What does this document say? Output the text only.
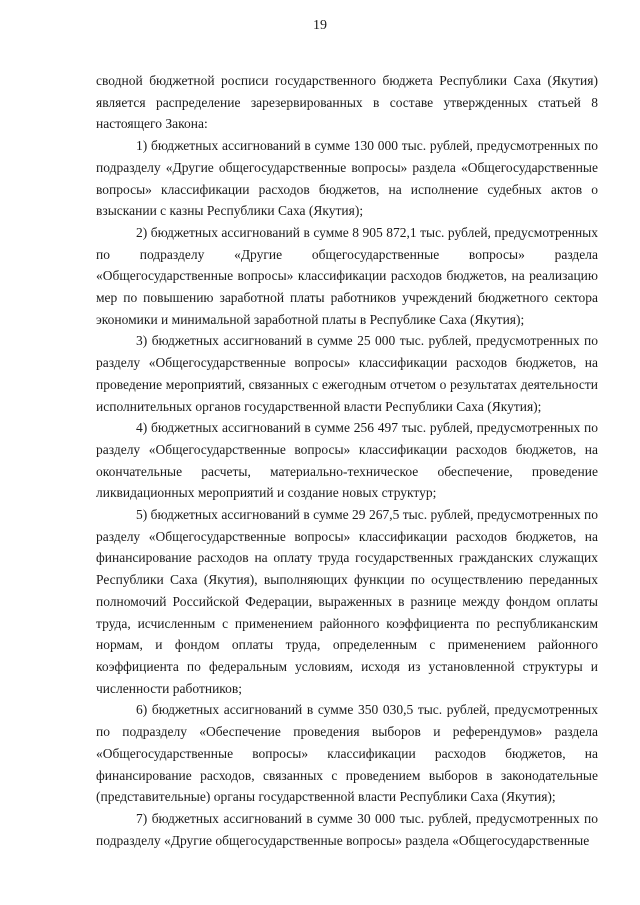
19

сводной бюджетной росписи государственного бюджета Республики Саха (Якутия) является распределение зарезервированных в составе утвержденных статьей 8 настоящего Закона:

1) бюджетных ассигнований в сумме 130 000 тыс. рублей, предусмотренных по подразделу «Другие общегосударственные вопросы» раздела «Общегосударственные вопросы» классификации расходов бюджетов, на исполнение судебных актов о взыскании с казны Республики Саха (Якутия);

2) бюджетных ассигнований в сумме 8 905 872,1 тыс. рублей, предусмотренных по подразделу «Другие общегосударственные вопросы» раздела «Общегосударственные вопросы» классификации расходов бюджетов, на реализацию мер по повышению заработной платы работников учреждений бюджетного сектора экономики и минимальной заработной платы в Республике Саха (Якутия);

3) бюджетных ассигнований в сумме 25 000 тыс. рублей, предусмотренных по разделу «Общегосударственные вопросы» классификации расходов бюджетов, на проведение мероприятий, связанных с ежегодным отчетом о результатах деятельности исполнительных органов государственной власти Республики Саха (Якутия);

4) бюджетных ассигнований в сумме 256 497 тыс. рублей, предусмотренных по разделу «Общегосударственные вопросы» классификации расходов бюджетов, на окончательные расчеты, материально-техническое обеспечение, проведение ликвидационных мероприятий и создание новых структур;

5) бюджетных ассигнований в сумме 29 267,5 тыс. рублей, предусмотренных по разделу «Общегосударственные вопросы» классификации расходов бюджетов, на финансирование расходов на оплату труда государственных гражданских служащих Республики Саха (Якутия), выполняющих функции по осуществлению переданных полномочий Российской Федерации, выраженных в разнице между фондом оплаты труда, исчисленным с применением районного коэффициента по республиканским нормам, и фондом оплаты труда, определенным с применением районного коэффициента по федеральным условиям, исходя из установленной структуры и численности работников;

6) бюджетных ассигнований в сумме 350 030,5 тыс. рублей, предусмотренных по подразделу «Обеспечение проведения выборов и референдумов» раздела «Общегосударственные вопросы» классификации расходов бюджетов, на финансирование расходов, связанных с проведением выборов в законодательные (представительные) органы государственной власти Республики Саха (Якутия);

7) бюджетных ассигнований в сумме 30 000 тыс. рублей, предусмотренных по подразделу «Другие общегосударственные вопросы» раздела «Общегосударственные
